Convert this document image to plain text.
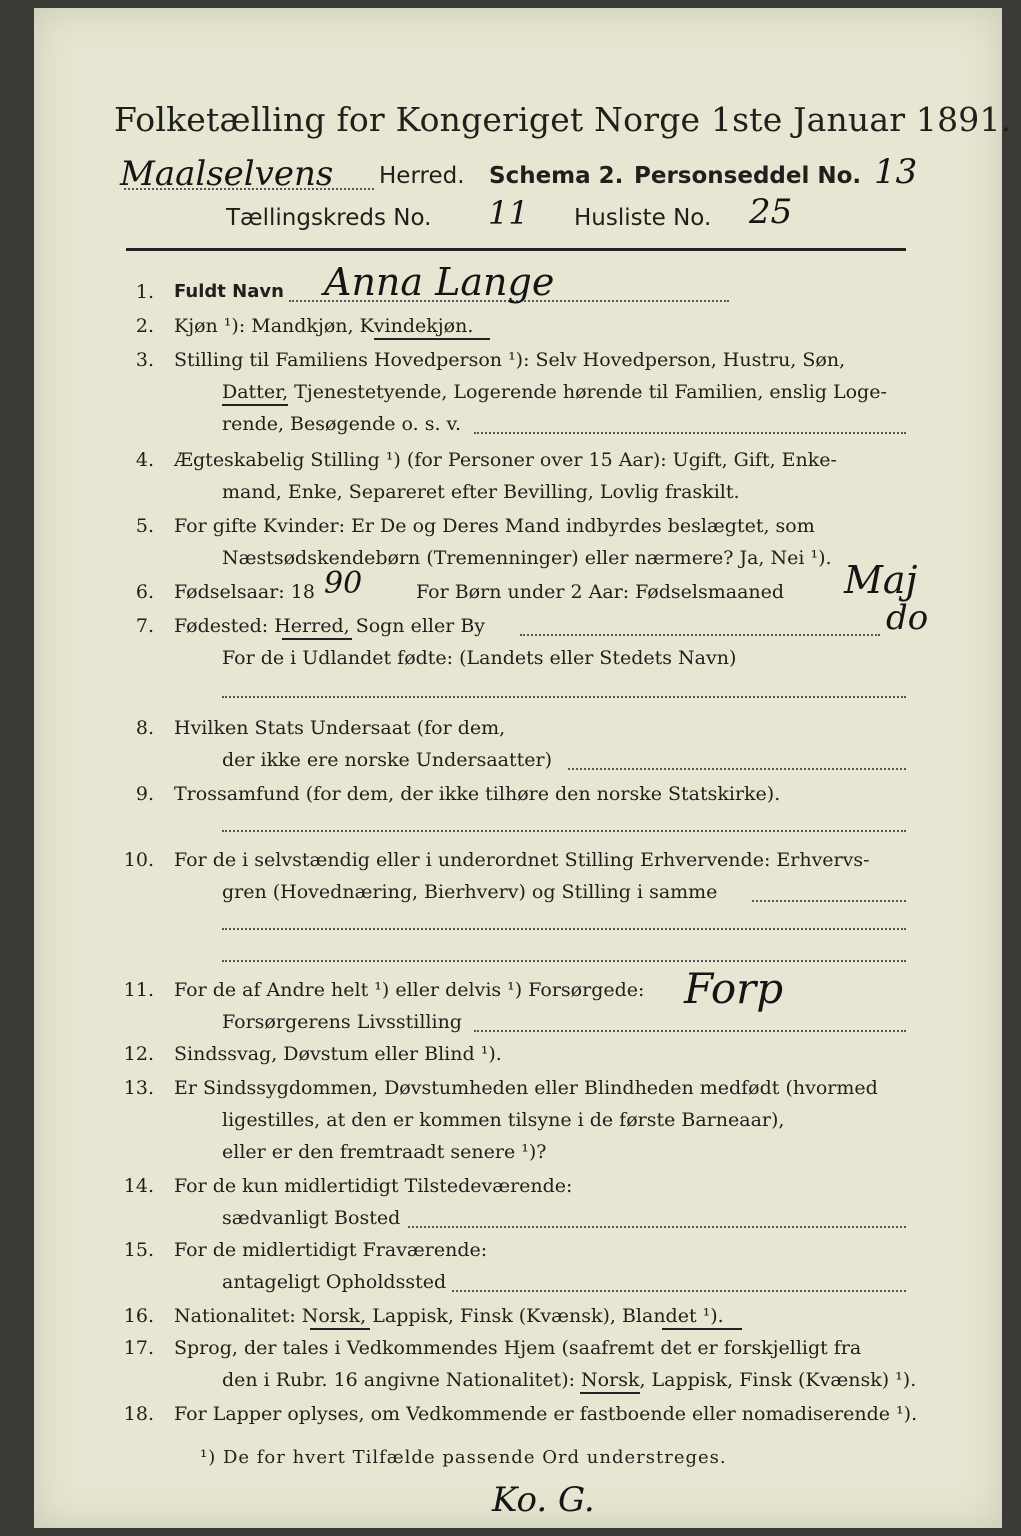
Folketælling for Kongeriget Norge 1ste Januar 1891.
Maalselvens Herred. Schema 2. Personseddel No. 13
Tællingskreds No. 11 Husliste No. 25
1. Fuldt Navn Anna Lange
2. Kjøn ¹): Mandkjøn, Kvindekjøn.
3. Stilling til Familiens Hovedperson ¹): Selv Hovedperson, Hustru, Søn,
Datter, Tjenestetyende, Logerende hørende til Familien, enslig Loge-
rende, Besøgende o. s. v.
4. Ægteskabelig Stilling ¹) (for Personer over 15 Aar): Ugift, Gift, Enke-
mand, Enke, Separeret efter Bevilling, Lovlig fraskilt.
5. For gifte Kvinder: Er De og Deres Mand indbyrdes beslægtet, som
Næstsødskendebørn (Tremenninger) eller nærmere? Ja, Nei ¹).
6. Fødselsaar: 18 90	For Børn under 2 Aar: Fødselsmaaned Maj
7. Fødested: Herred, Sogn eller By	do
For de i Udlandet fødte: (Landets eller Stedets Navn)
8. Hvilken Stats Undersaat (for dem,
der ikke ere norske Undersaatter)
9. Trossamfund (for dem, der ikke tilhøre den norske Statskirke).
10. For de i selvstændig eller i underordnet Stilling Erhvervende: Erhvervs-
gren (Hovednæring, Bierhverv) og Stilling i samme
11. For de af Andre helt ¹) eller delvis ¹) Forsørgede: Forp
Forsørgerens Livsstilling
12. Sindssvag, Døvstum eller Blind ¹).
13. Er Sindssygdommen, Døvstumheden eller Blindheden medfødt (hvormed
ligestilles, at den er kommen tilsyne i de første Barneaar),
eller er den fremtraadt senere ¹)?
14. For de kun midlertidigt Tilstedeværende:
sædvanligt Bosted
15. For de midlertidigt Fraværende:
antageligt Opholdssted
16. Nationalitet: Norsk, Lappisk, Finsk (Kvænsk), Blandet ¹).
17. Sprog, der tales i Vedkommendes Hjem (saafremt det er forskjelligt fra
den i Rubr. 16 angivne Nationalitet): Norsk, Lappisk, Finsk (Kvænsk) ¹).
18. For Lapper oplyses, om Vedkommende er fastboende eller nomadiserende ¹).
¹) De for hvert Tilfælde passende Ord understreges.
Ko. G.
